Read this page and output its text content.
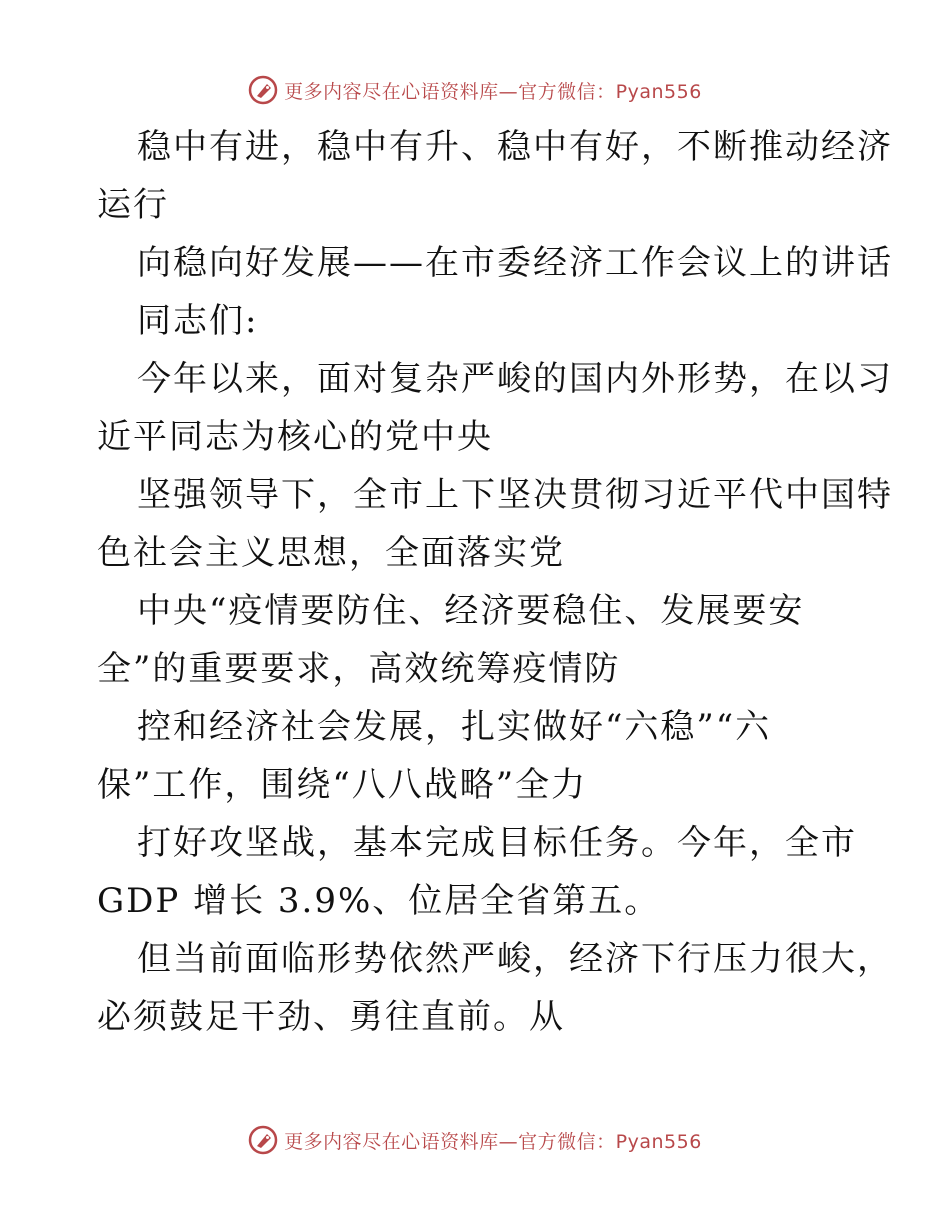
更多内容尽在心语资料库—官方微信：Pyan556
稳中有进，稳中有升、稳中有好，不断推动经济
运行
向稳向好发展——在市委经济工作会议上的讲话
同志们:
今年以来，面对复杂严峻的国内外形势，在以习
近平同志为核心的党中央
坚强领导下，全市上下坚决贯彻习近平代中国特
色社会主义思想，全面落实党
中央“疫情要防住、经济要稳住、发展要安
全”的重要要求，高效统筹疫情防
控和经济社会发展，扎实做好“六稳”“六
保”工作，围绕“八八战略”全力
打好攻坚战，基本完成目标任务。今年，全市
GDP 增长 3.9%、位居全省第五。
但当前面临形势依然严峻，经济下行压力很大，
必须鼓足干劲、勇往直前。从
更多内容尽在心语资料库—官方微信：Pyan556
